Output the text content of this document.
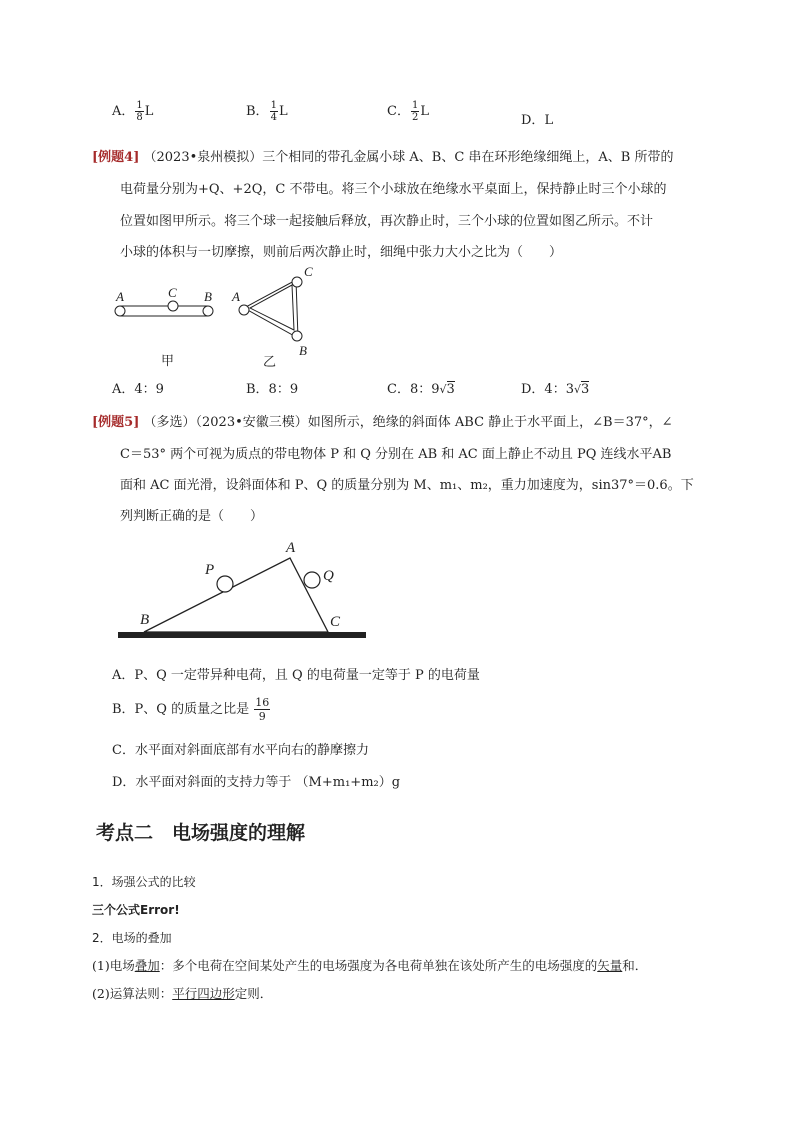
A． $\frac{1}{8}$ L	B． $\frac{1}{4}$ L	C． $\frac{1}{2}$ L
D．L
[例题4] （2023•泉州模拟）三个相同的带孔金属小球 A、B、C 串在环形绝缘细绳上，A、B 所带的
电荷量分别为+Q、+2Q，C 不带电。将三个小球放在绝缘水平桌面上，保持静止时三个小球的
位置如图甲所示。将三个球一起接触后释放，再次静止时，三个小球的位置如图乙所示。不计
小球的体积与一切摩擦，则前后两次静止时，细绳中张力大小之比为（　　）
A	C B
甲
A
C
B
乙
A．4：9	B．8：9	C．8：9√3	D．4：3√3
[例题5] （多选）（2023•安徽三模）如图所示，绝缘的斜面体 ABC 静止于水平面上，∠B＝37°，∠
C＝53° 两个可视为质点的带电物体 P 和 Q 分别在 AB 和 AC 面上静止不动且 PQ 连线水平AB
面和 AC 面光滑，设斜面体和 P、Q 的质量分别为 M、m₁、m₂，重力加速度为，sin37°＝0.6。下
列判断正确的是（　　）
A
B	C
P	Q
A．P、Q 一定带异种电荷，且 Q 的电荷量一定等于 P 的电荷量
B．P、Q 的质量之比是 $\frac{16}{9}$
C．水平面对斜面底部有水平向右的静摩擦力
D．水平面对斜面的支持力等于 （M+m₁+m₂）g
考点二　电场强度的理解
1．场强公式的比较
三个公式Error!
2．电场的叠加
(1)电场叠加：多个电荷在空间某处产生的电场强度为各电荷单独在该处所产生的电场强度的矢量和．
(2)运算法则：平行四边形定则．
